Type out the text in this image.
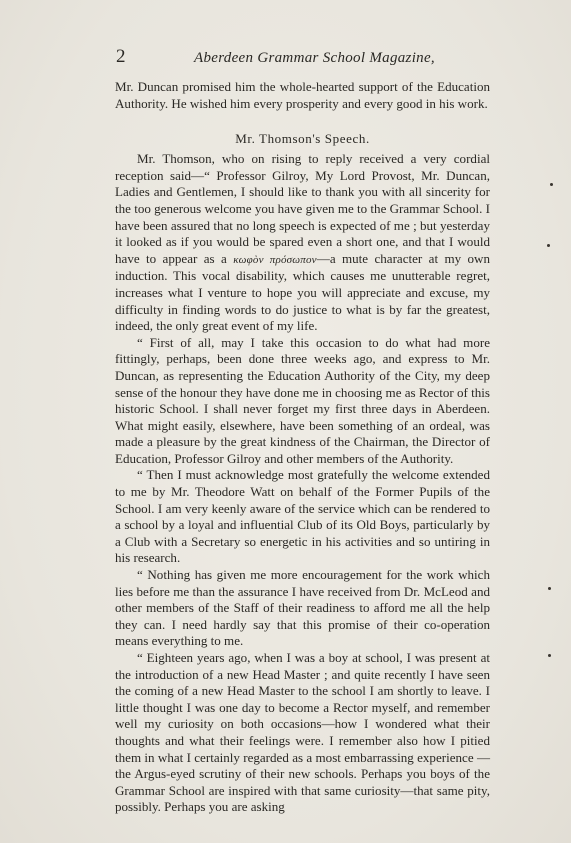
2	Aberdeen Grammar School Magazine,

Mr. Duncan promised him the whole-hearted support of the Education Authority. He wished him every prosperity and every good in his work.

Mr. Thomson's Speech.

Mr. Thomson, who on rising to reply received a very cordial reception said—“ Professor Gilroy, My Lord Provost, Mr. Duncan, Ladies and Gentlemen, I should like to thank you with all sincerity for the too generous welcome you have given me to the Grammar School. I have been assured that no long speech is expected of me ; but yesterday it looked as if you would be spared even a short one, and that I would have to appear as a κωφὸν πρόσωπον—a mute character at my own induction. This vocal disability, which causes me unutterable regret, increases what I venture to hope you will appreciate and excuse, my difficulty in finding words to do justice to what is by far the greatest, indeed, the only great event of my life.

“ First of all, may I take this occasion to do what had more fittingly, perhaps, been done three weeks ago, and express to Mr. Duncan, as representing the Education Authority of the City, my deep sense of the honour they have done me in choosing me as Rector of this historic School. I shall never forget my first three days in Aberdeen. What might easily, elsewhere, have been something of an ordeal, was made a pleasure by the great kindness of the Chairman, the Director of Education, Professor Gilroy and other members of the Authority.

“ Then I must acknowledge most gratefully the welcome extended to me by Mr. Theodore Watt on behalf of the Former Pupils of the School. I am very keenly aware of the service which can be rendered to a school by a loyal and influential Club of its Old Boys, particularly by a Club with a Secretary so energetic in his activities and so untiring in his research.

“ Nothing has given me more encouragement for the work which lies before me than the assurance I have received from Dr. McLeod and other members of the Staff of their readiness to afford me all the help they can. I need hardly say that this promise of their co-operation means everything to me.

“ Eighteen years ago, when I was a boy at school, I was present at the introduction of a new Head Master ; and quite recently I have seen the coming of a new Head Master to the school I am shortly to leave. I little thought I was one day to become a Rector myself, and remember well my curiosity on both occasions—how I wondered what their thoughts and what their feelings were. I remember also how I pitied them in what I certainly regarded as a most embarrassing experience —the Argus-eyed scrutiny of their new schools. Perhaps you boys of the Grammar School are inspired with that same curiosity—that same pity, possibly. Perhaps you are asking
